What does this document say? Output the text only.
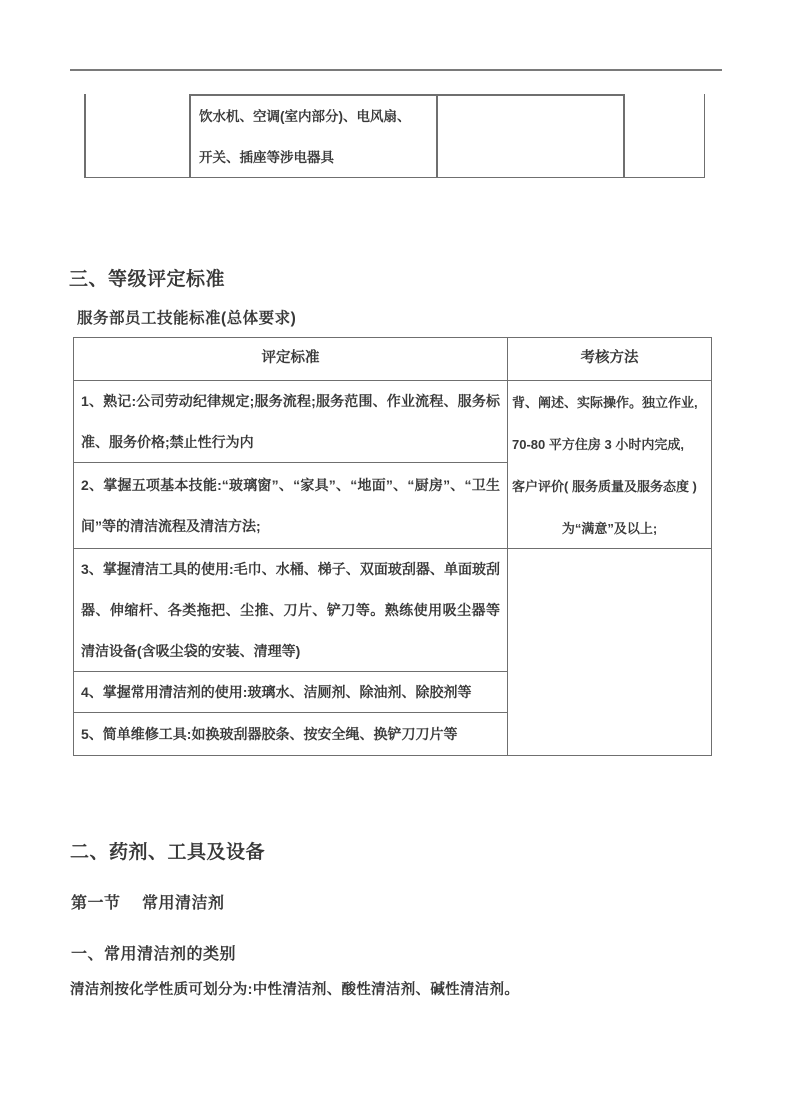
饮水机、空调(室内部分)、电风扇、
开关、插座等涉电器具
三、等级评定标准
服务部员工技能标准(总体要求)
评定标准	考核方法
1、熟记:公司劳动纪律规定;服务流程;服务范围、作业流程、服务标准、服务价格;禁止性行为内
2、掌握五项基本技能:“玻璃窗”、“家具”、“地面”、“厨房”、“卫生间”等的清洁流程及清洁方法;
3、掌握清洁工具的使用:毛巾、水桶、梯子、双面玻刮器、单面玻刮器、伸缩杆、各类拖把、尘推、刀片、铲刀等。熟练使用吸尘器等清洁设备(含吸尘袋的安装、清理等)
4、掌握常用清洁剂的使用:玻璃水、洁厕剂、除油剂、除胶剂等
5、简单维修工具:如换玻刮器胶条、按安全绳、换铲刀刀片等
背、阐述、实际操作。独立作业,
70-80 平方住房 3 小时内完成,
客户评价( 服务质量及服务态度 )
为“满意”及以上;
二、药剂、工具及设备
第一节　 常用清洁剂
一、常用清洁剂的类别
清洁剂按化学性质可划分为:中性清洁剂、酸性清洁剂、碱性清洁剂。
